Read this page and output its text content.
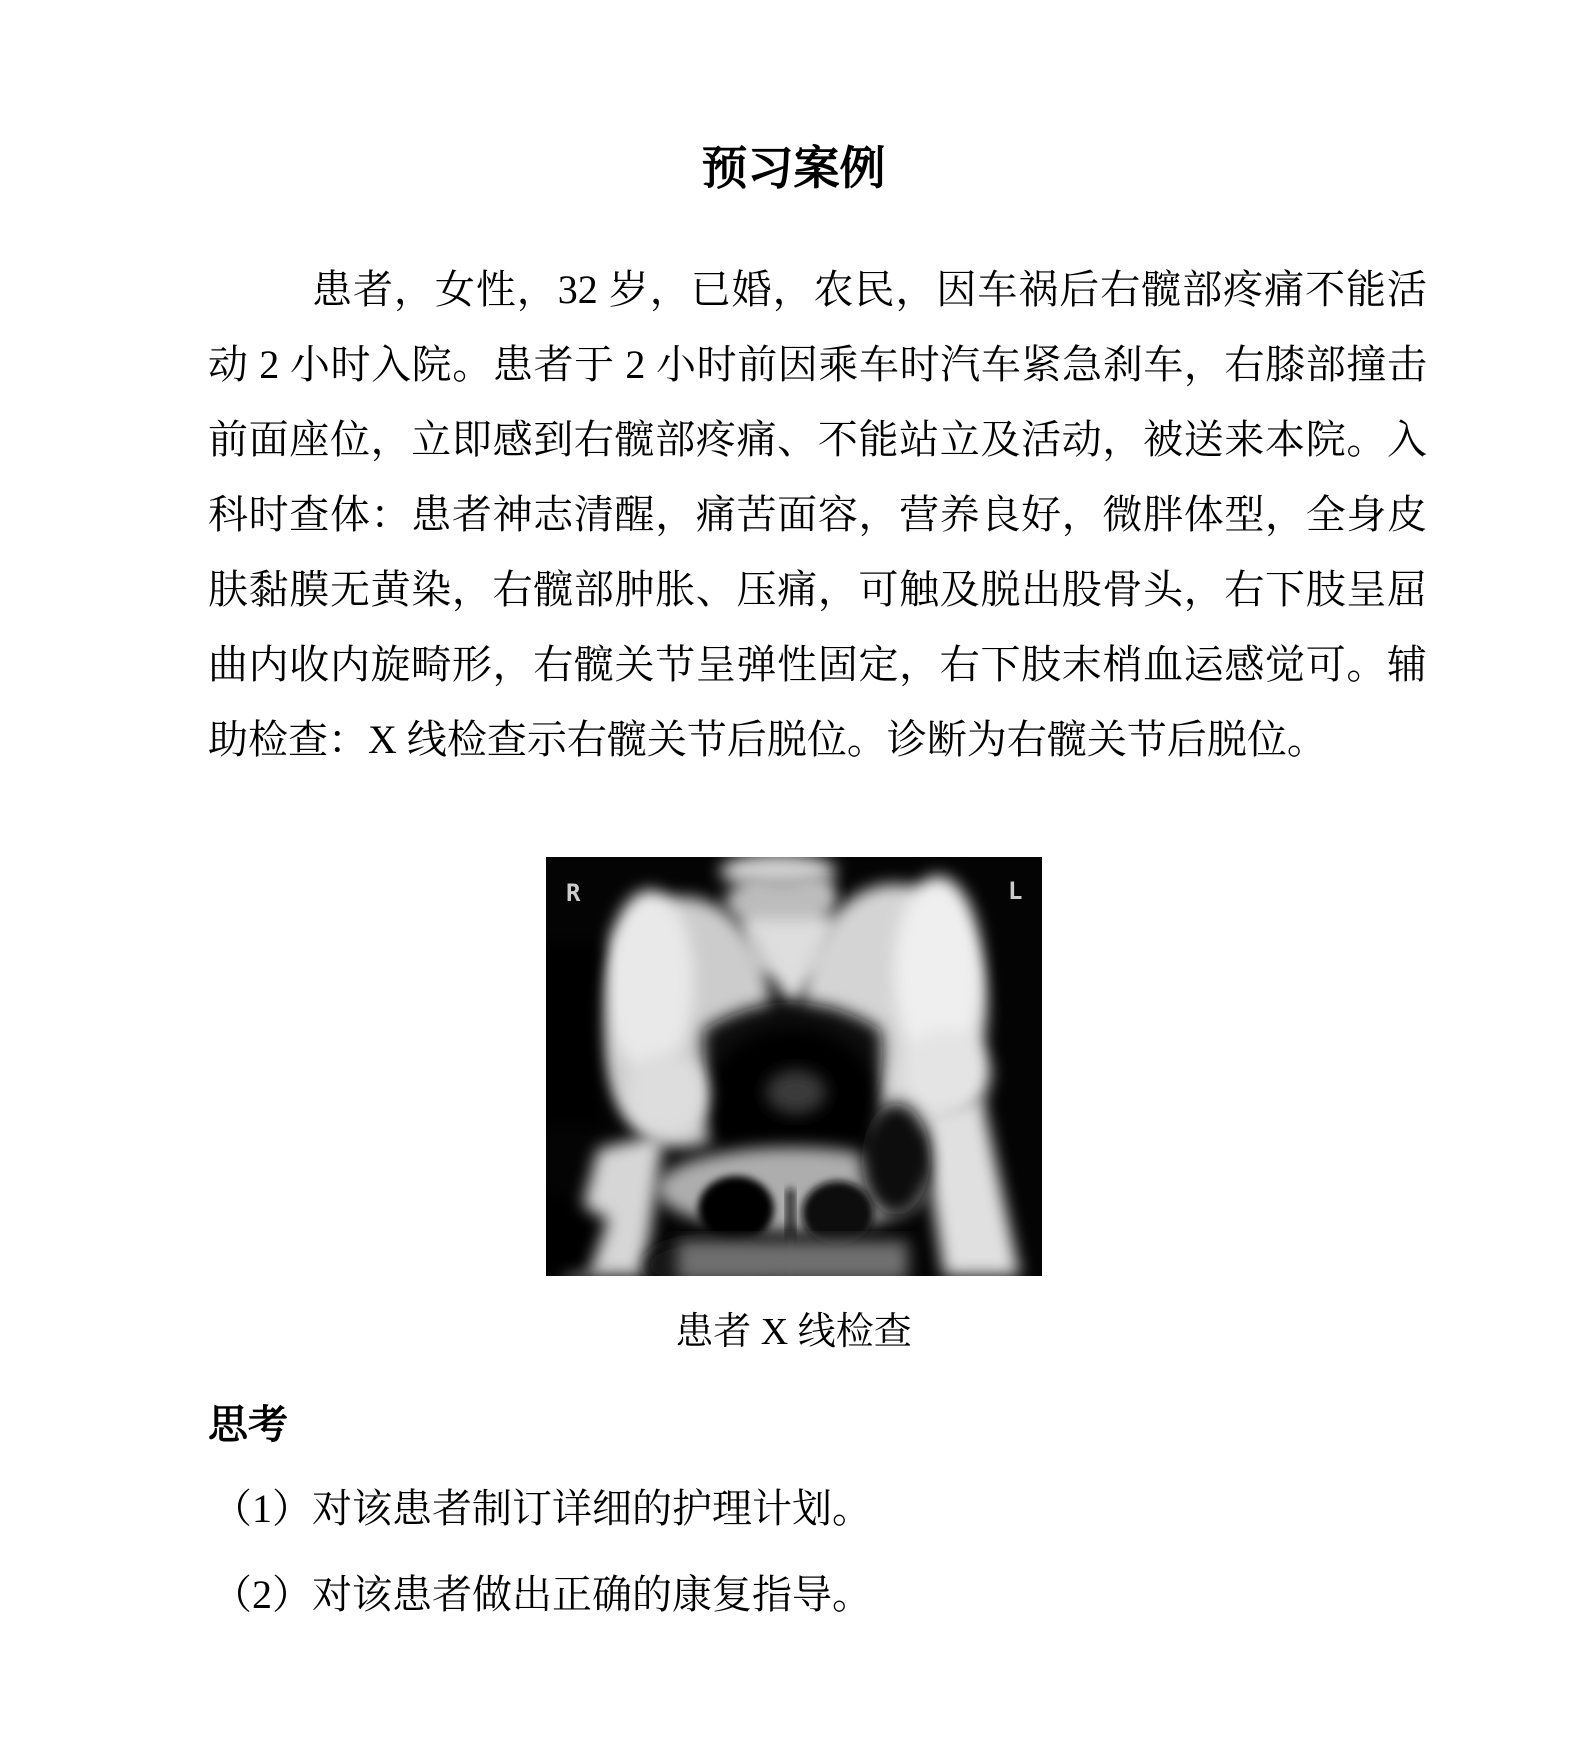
预习案例
患者，女性，32 岁，已婚，农民，因车祸后右髋部疼痛不能活
动 2 小时入院。患者于 2 小时前因乘车时汽车紧急刹车，右膝部撞击
前面座位，立即感到右髋部疼痛、不能站立及活动，被送来本院。入
科时查体：患者神志清醒，痛苦面容，营养良好，微胖体型，全身皮
肤黏膜无黄染，右髋部肿胀、压痛，可触及脱出股骨头，右下肢呈屈
曲内收内旋畸形，右髋关节呈弹性固定，右下肢末梢血运感觉可。辅
助检查：X 线检查示右髋关节后脱位。诊断为右髋关节后脱位。
R	L
患者 X 线检查
思考
（1）对该患者制订详细的护理计划。
（2）对该患者做出正确的康复指导。
